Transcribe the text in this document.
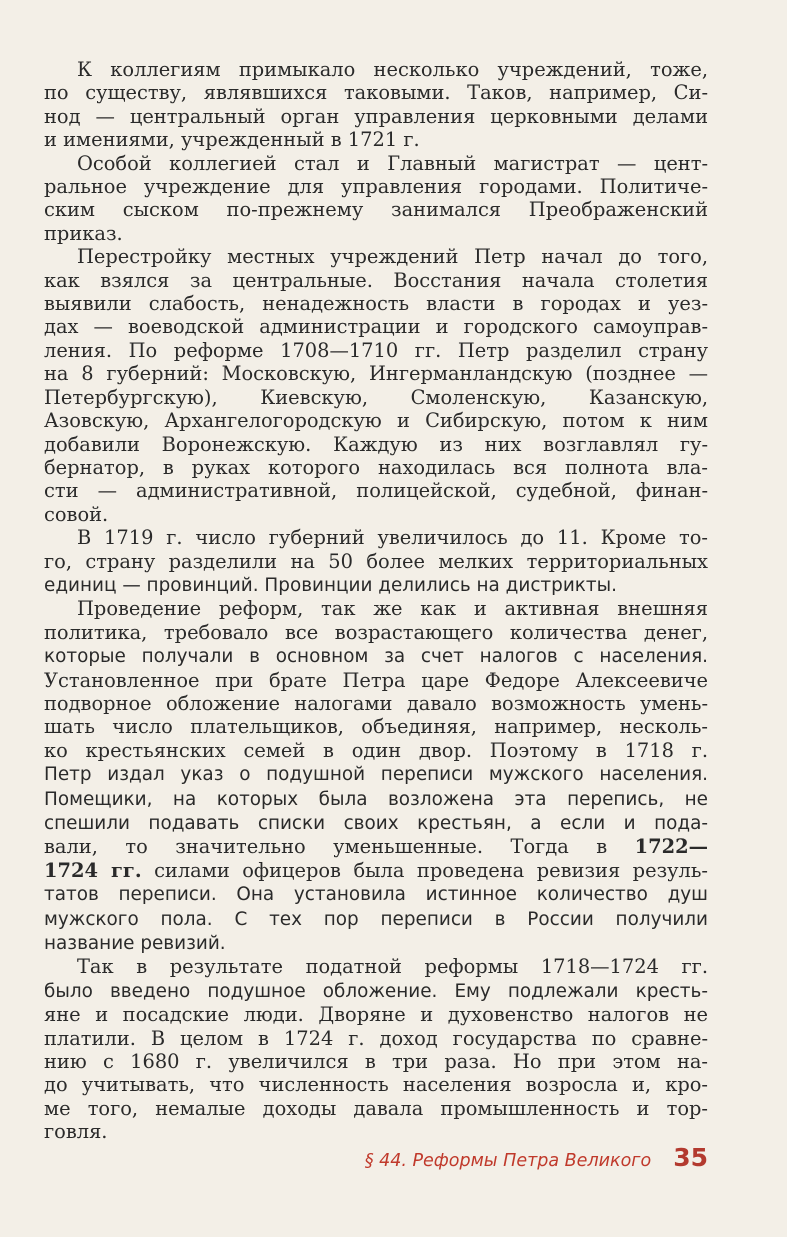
К коллегиям примыкало несколько учреждений, тоже,
по существу, являвшихся таковыми. Таков, например, Си-
нод — центральный орган управления церковными делами
и имениями, учрежденный в 1721 г.

Особой коллегией стал и Главный магистрат — цент-
ральное учреждение для управления городами. Политиче-
ским сыском по-прежнему занимался Преображенский
приказ.

Перестройку местных учреждений Петр начал до того,
как взялся за центральные. Восстания начала столетия
выявили слабость, ненадежность власти в городах и уез-
дах — воеводской администрации и городского самоуправ-
ления. По реформе 1708—1710 гг. Петр разделил страну
на 8 губерний: Московскую, Ингерманландскую (позднее —
Петербургскую), Киевскую, Смоленскую, Казанскую,
Азовскую, Архангелогородскую и Сибирскую, потом к ним
добавили Воронежскую. Каждую из них возглавлял гу-
бернатор, в руках которого находилась вся полнота вла-
сти — административной, полицейской, судебной, финан-
совой.

В 1719 г. число губерний увеличилось до 11. Кроме то-
го, страну разделили на 50 более мелких территориальных
единиц — провинций. Провинции делились на дистрикты.

Проведение реформ, так же как и активная внешняя
политика, требовало все возрастающего количества денег,
которые получали в основном за счет налогов с населения.
Установленное при брате Петра царе Федоре Алексеевиче
подворное обложение налогами давало возможность умень-
шать число плательщиков, объединяя, например, несколь-
ко крестьянских семей в один двор. Поэтому в 1718 г.
Петр издал указ о подушной переписи мужского населения.
Помещики, на которых была возложена эта перепись, не
спешили подавать списки своих крестьян, а если и пода-
вали, то значительно уменьшенные. Тогда в 1722—
1724 гг. силами офицеров была проведена ревизия резуль-
татов переписи. Она установила истинное количество душ
мужского пола. С тех пор переписи в России получили
название ревизий.

Так в результате податной реформы 1718—1724 гг.
было введено подушное обложение. Ему подлежали кресть-
яне и посадские люди. Дворяне и духовенство налогов не
платили. В целом в 1724 г. доход государства по сравне-
нию с 1680 г. увеличился в три раза. Но при этом на-
до учитывать, что численность населения возросла и, кро-
ме того, немалые доходы давала промышленность и тор-
говля.

§ 44. Реформы Петра Великого 35
